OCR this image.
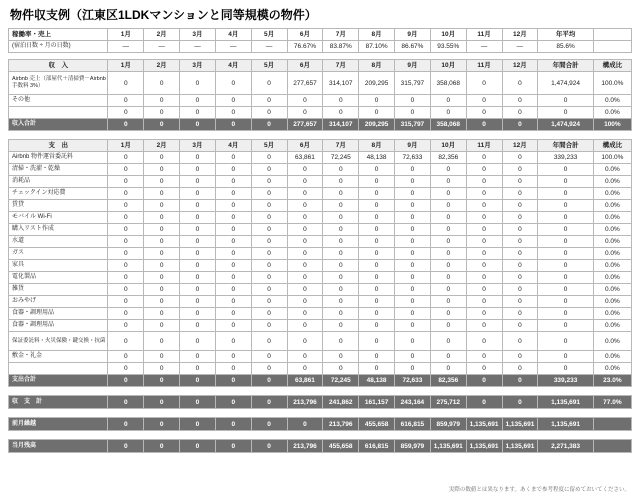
物件収支例（江東区1LDKマンションと同等規模の物件）
稼働率・売上	1月	2月	3月	4月	5月	6月	7月	8月	9月	10月	11月	12月	年平均	
(宿泊日数 ÷ 月の日数)	—	—	—	—	—	76.67%	83.87%	87.10%	86.67%	93.55%	—	—	85.6%	
収　入	1月	2月	3月	4月	5月	6月	7月	8月	9月	10月	11月	12月	年間合計	構成比
Airbnb 売上（部屋代＋清掃費－Airbnb 手数料 3%）	0	0	0	0	0	277,657	314,107	209,295	315,797	358,068	0	0	1,474,924	100.0%
その他	0	0	0	0	0	0	0	0	0	0	0	0	0	0.0%
	0	0	0	0	0	0	0	0	0	0	0	0	0	0.0%
収入合計	0	0	0	0	0	277,657	314,107	209,295	315,797	358,068	0	0	1,474,924	100%
支　出	1月	2月	3月	4月	5月	6月	7月	8月	9月	10月	11月	12月	年間合計	構成比
Airbnb 物件運営委託料	0	0	0	0	0	63,861	72,245	48,138	72,633	82,356	0	0	339,233	100.0%
清掃・洗濯・乾燥	0	0	0	0	0	0	0	0	0	0	0	0	0	0.0%
消耗品	0	0	0	0	0	0	0	0	0	0	0	0	0	0.0%
チェックイン対応費	0	0	0	0	0	0	0	0	0	0	0	0	0	0.0%
賃貸	0	0	0	0	0	0	0	0	0	0	0	0	0	0.0%
モバイル Wi-Fi	0	0	0	0	0	0	0	0	0	0	0	0	0	0.0%
購入リスト作成	0	0	0	0	0	0	0	0	0	0	0	0	0	0.0%
水道	0	0	0	0	0	0	0	0	0	0	0	0	0	0.0%
ガス	0	0	0	0	0	0	0	0	0	0	0	0	0	0.0%
家具	0	0	0	0	0	0	0	0	0	0	0	0	0	0.0%
電化製品	0	0	0	0	0	0	0	0	0	0	0	0	0	0.0%
雑貨	0	0	0	0	0	0	0	0	0	0	0	0	0	0.0%
おみやげ	0	0	0	0	0	0	0	0	0	0	0	0	0	0.0%
食器・調理用品	0	0	0	0	0	0	0	0	0	0	0	0	0	0.0%
食器・調理用品	0	0	0	0	0	0	0	0	0	0	0	0	0	0.0%
保証委託料・火災保険・鍵交換・抗菌	0	0	0	0	0	0	0	0	0	0	0	0	0	0.0%
敷金・礼金	0	0	0	0	0	0	0	0	0	0	0	0	0	0.0%
	0	0	0	0	0	0	0	0	0	0	0	0	0	0.0%
支出合計	0	0	0	0	0	63,861	72,245	48,138	72,633	82,356	0	0	339,233	23.0%
収　支　計	0	0	0	0	0	213,796	241,862	161,157	243,164	275,712	0	0	1,135,691	77.0%
前月繰越	0	0	0	0	0	0	213,796	455,658	616,815	859,979	1,135,691	1,135,691	1,135,691	
当月残高	0	0	0	0	0	213,796	455,658	616,815	859,979	1,135,691	1,135,691	1,135,691	2,271,383	
実際の数値とは異なります。あくまで参考程度に留めておいてください。
